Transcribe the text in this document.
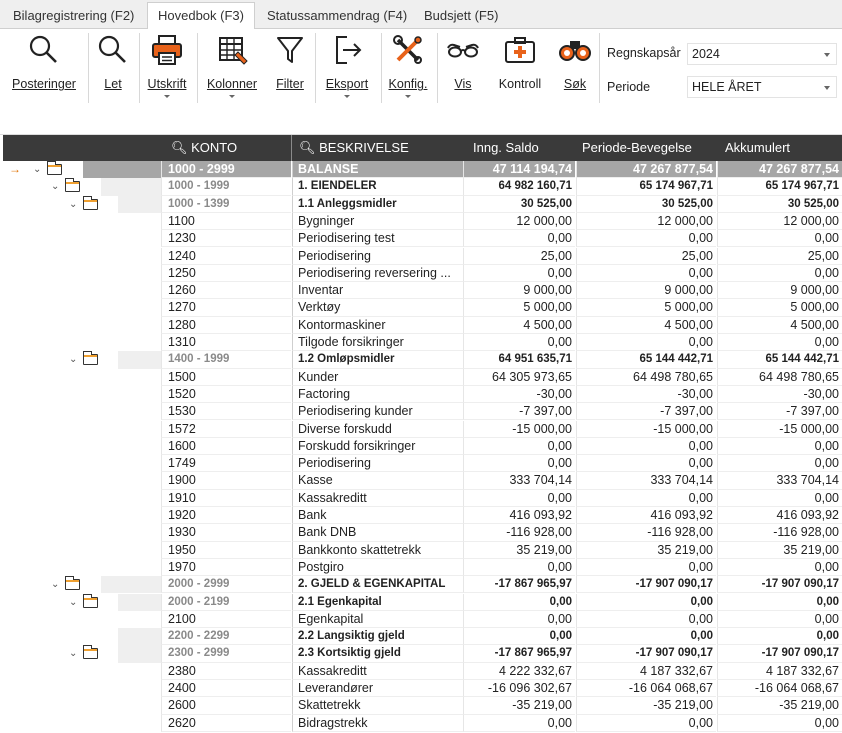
Bilagregistrering (F2)	Hovedbok (F3)	Statussammendrag (F4)	Budsjett (F5)
Posteringer	Let	Utskrift	Kolonner	Filter	Eksport	Konfig.	Vis	Kontroll	Søk
Regnskapsår 2024
Periode	HELE ÅRET
🔍︎ KONTO	🔍︎ BESKRIVELSE	Inng. Saldo	Periode-Bevegelse	Akkumulert
→ ⌄	1000 - 2999	BALANSE	47 114 194,74	47 267 877,54	47 267 877,54
⌄	1000 - 1999	1. EIENDELER	64 982 160,71	65 174 967,71	65 174 967,71
⌄	1000 - 1399	1.1 Anleggsmidler	30 525,00	30 525,00	30 525,00
1100	Bygninger	12 000,00	12 000,00	12 000,00
1230	Periodisering test	0,00	0,00	0,00
1240	Periodisering	25,00	25,00	25,00
1250	Periodisering reversering ...	0,00	0,00	0,00
1260	Inventar	9 000,00	9 000,00	9 000,00
1270	Verktøy	5 000,00	5 000,00	5 000,00
1280	Kontormaskiner	4 500,00	4 500,00	4 500,00
1310	Tilgode forsikringer	0,00	0,00	0,00
⌄	1400 - 1999	1.2 Omløpsmidler	64 951 635,71	65 144 442,71	65 144 442,71
1500	Kunder	64 305 973,65	64 498 780,65	64 498 780,65
1520	Factoring	-30,00	-30,00	-30,00
1530	Periodisering kunder	-7 397,00	-7 397,00	-7 397,00
1572	Diverse forskudd	-15 000,00	-15 000,00	-15 000,00
1600	Forskudd forsikringer	0,00	0,00	0,00
1749	Periodisering	0,00	0,00	0,00
1900	Kasse	333 704,14	333 704,14	333 704,14
1910	Kassakreditt	0,00	0,00	0,00
1920	Bank	416 093,92	416 093,92	416 093,92
1930	Bank DNB	-116 928,00	-116 928,00	-116 928,00
1950	Bankkonto skattetrekk	35 219,00	35 219,00	35 219,00
1970	Postgiro	0,00	0,00	0,00
⌄	2000 - 2999	2. GJELD & EGENKAPITAL	-17 867 965,97	-17 907 090,17	-17 907 090,17
⌄	2000 - 2199	2.1 Egenkapital	0,00	0,00	0,00
2100	Egenkapital	0,00	0,00	0,00
2200 - 2299	2.2 Langsiktig gjeld	0,00	0,00	0,00
⌄	2300 - 2999	2.3 Kortsiktig gjeld	-17 867 965,97	-17 907 090,17	-17 907 090,17
2380	Kassakreditt	4 222 332,67	4 187 332,67	4 187 332,67
2400	Leverandører	-16 096 302,67	-16 064 068,67	-16 064 068,67
2600	Skattetrekk	-35 219,00	-35 219,00	-35 219,00
2620	Bidragstrekk	0,00	0,00	0,00
